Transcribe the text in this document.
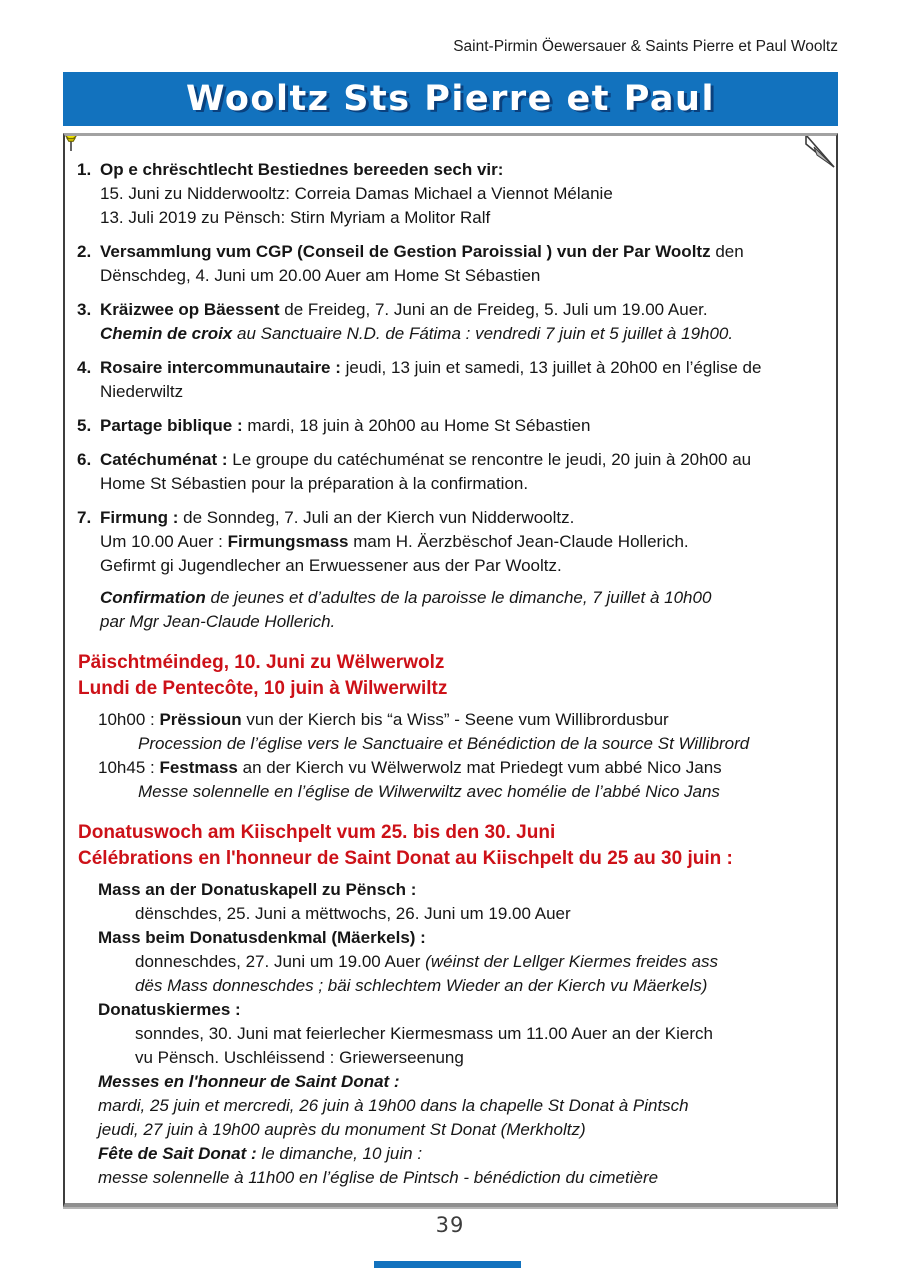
Saint-Pirmin Öewersauer & Saints Pierre et Paul Wooltz
Wooltz Sts Pierre et Paul
1. Op e chrëschtlecht Bestiednes bereeden sech vir:
15. Juni zu Nidderwooltz: Correia Damas Michael a Viennot Mélanie
13. Juli 2019 zu Pënsch: Stirn Myriam a Molitor Ralf
2. Versammlung vum CGP (Conseil de Gestion Paroissial ) vun der Par Wooltz den
Dënschdeg, 4. Juni um 20.00 Auer am Home St Sébastien
3. Kräizwee op Bäessent de Freideg, 7. Juni an de Freideg, 5. Juli um 19.00 Auer.
Chemin de croix au Sanctuaire N.D. de Fátima : vendredi 7 juin et 5 juillet à 19h00.
4. Rosaire intercommunautaire : jeudi, 13 juin et samedi, 13 juillet à 20h00 en l’église de
Niederwiltz
5. Partage biblique : mardi, 18 juin à 20h00 au Home St Sébastien
6. Catéchuménat : Le groupe du catéchuménat se rencontre le jeudi, 20 juin à 20h00 au
Home St Sébastien pour la préparation à la confirmation.
7. Firmung : de Sonndeg, 7. Juli an der Kierch vun Nidderwooltz.
Um 10.00 Auer : Firmungsmass mam H. Äerzbëschof Jean-Claude Hollerich.
Gefirmt gi Jugendlecher an Erwuessener aus der Par Wooltz.
Confirmation de jeunes et d’adultes de la paroisse le dimanche, 7 juillet à 10h00
par Mgr Jean-Claude Hollerich.
Päischtméindeg, 10. Juni zu Wëlwerwolz
Lundi de Pentecôte, 10 juin à Wilwerwiltz
10h00 : Prëssioun vun der Kierch bis “a Wiss” - Seene vum Willibrordusbur
Procession de l’église vers le Sanctuaire et Bénédiction de la source St Willibrord
10h45 : Festmass an der Kierch vu Wëlwerwolz mat Priedegt vum abbé Nico Jans
Messe solennelle en l’église de Wilwerwiltz avec homélie de l’abbé Nico Jans
Donatuswoch am Kiischpelt vum 25. bis den 30. Juni
Célébrations en l'honneur de Saint Donat au Kiischpelt du 25 au 30 juin :
Mass an der Donatuskapell zu Pënsch :
dënschdes, 25. Juni a mëttwochs, 26. Juni um 19.00 Auer
Mass beim Donatusdenkmal (Mäerkels) :
donneschdes, 27. Juni um 19.00 Auer (wéinst der Lellger Kiermes freides ass
dës Mass donneschdes ; bäi schlechtem Wieder an der Kierch vu Mäerkels)
Donatuskiermes :
sonndes, 30. Juni mat feierlecher Kiermesmass um 11.00 Auer an der Kierch
vu Pënsch. Uschléissend : Griewerseenung
Messes en l'honneur de Saint Donat :
mardi, 25 juin et mercredi, 26 juin à 19h00 dans la chapelle St Donat à Pintsch
jeudi, 27 juin à 19h00 auprès du monument St Donat (Merkholtz)
Fête de Sait Donat : le dimanche, 10 juin :
messe solennelle à 11h00 en l’église de Pintsch - bénédiction du cimetière
39
